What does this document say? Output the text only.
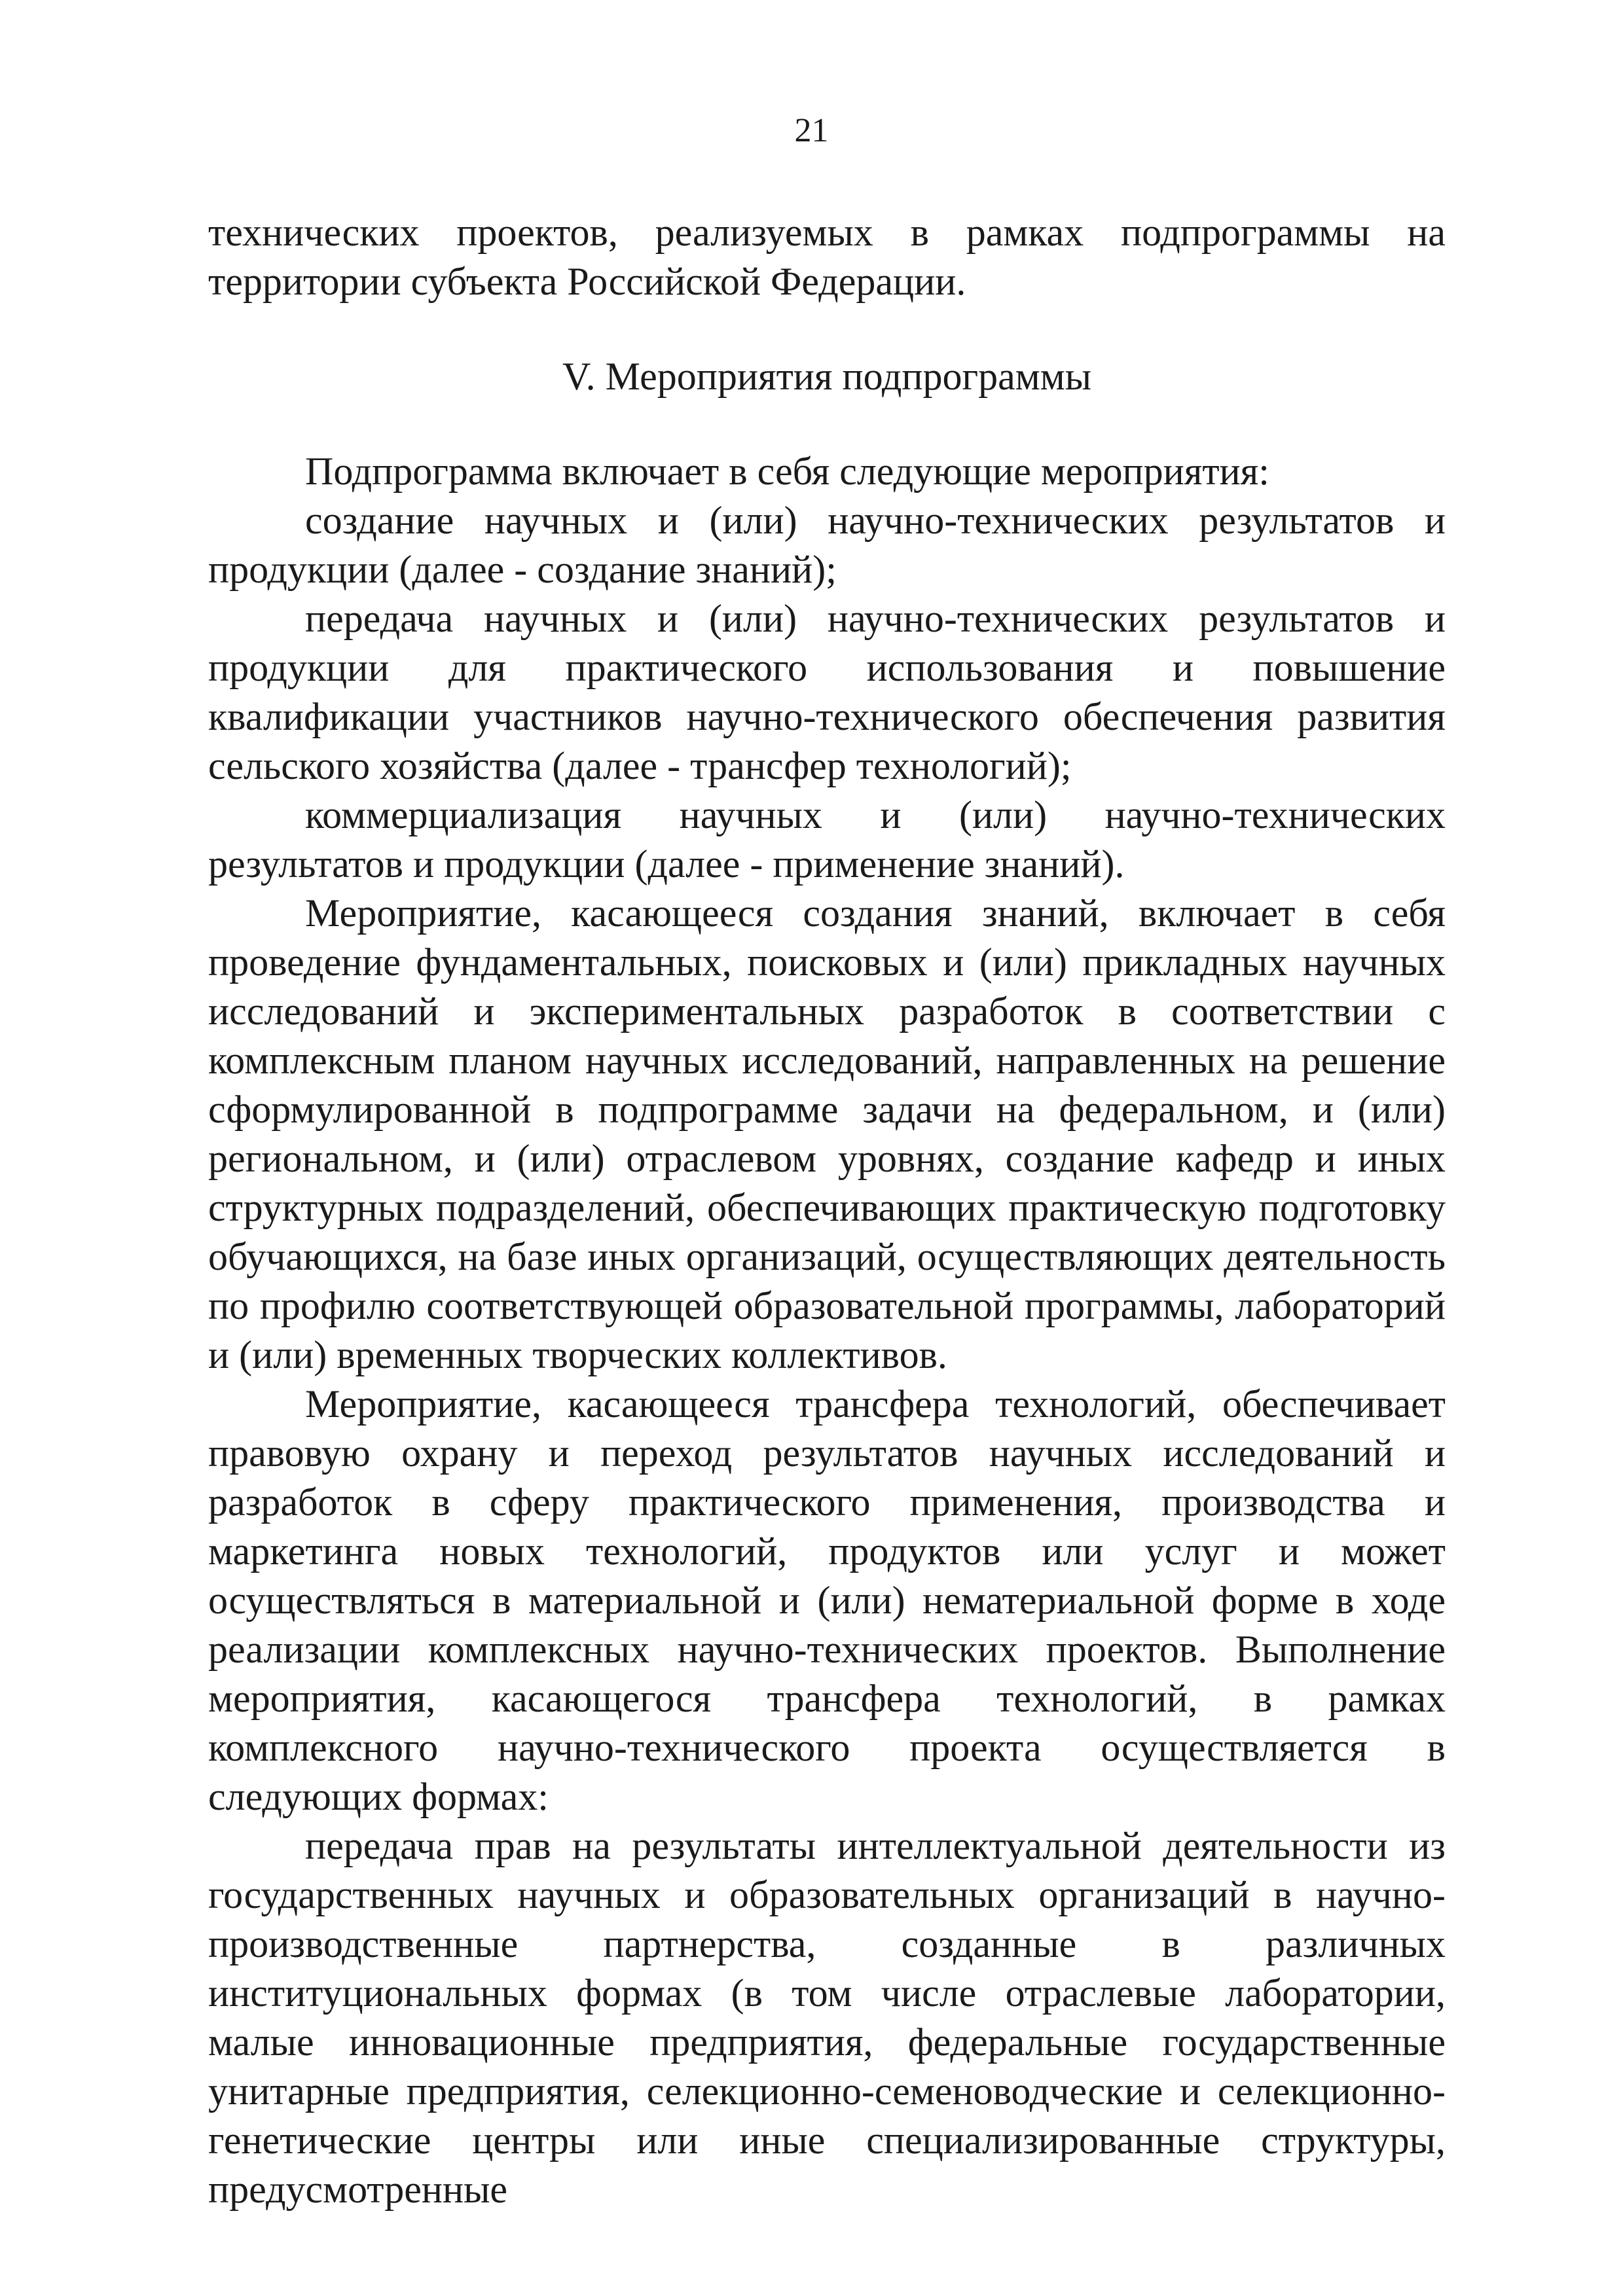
21

технических проектов, реализуемых в рамках подпрограммы на территории субъекта Российской Федерации.

V. Мероприятия подпрограммы

Подпрограмма включает в себя следующие мероприятия:

создание научных и (или) научно-технических результатов и продукции (далее - создание знаний);

передача научных и (или) научно-технических результатов и продукции для практического использования и повышение квалификации участников научно-технического обеспечения развития сельского хозяйства (далее - трансфер технологий);

коммерциализация научных и (или) научно-технических результатов и продукции (далее - применение знаний).

Мероприятие, касающееся создания знаний, включает в себя проведение фундаментальных, поисковых и (или) прикладных научных исследований и экспериментальных разработок в соответствии с комплексным планом научных исследований, направленных на решение сформулированной в подпрограмме задачи на федеральном, и (или) региональном, и (или) отраслевом уровнях, создание кафедр и иных структурных подразделений, обеспечивающих практическую подготовку обучающихся, на базе иных организаций, осуществляющих деятельность по профилю соответствующей образовательной программы, лабораторий и (или) временных творческих коллективов.

Мероприятие, касающееся трансфера технологий, обеспечивает правовую охрану и переход результатов научных исследований и разработок в сферу практического применения, производства и маркетинга новых технологий, продуктов или услуг и может осуществляться в материальной и (или) нематериальной форме в ходе реализации комплексных научно-технических проектов. Выполнение мероприятия, касающегося трансфера технологий, в рамках комплексного научно-технического проекта осуществляется в следующих формах:

передача прав на результаты интеллектуальной деятельности из государственных научных и образовательных организаций в научно-производственные партнерства, созданные в различных институциональных формах (в том числе отраслевые лаборатории, малые инновационные предприятия, федеральные государственные унитарные предприятия, селекционно-семеноводческие и селекционно-генетические центры или иные специализированные структуры, предусмотренные
